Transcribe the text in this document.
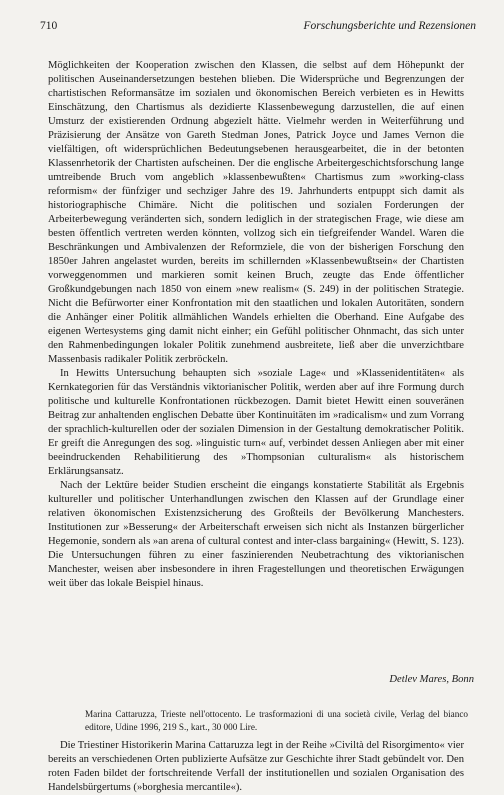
710	Forschungsberichte und Rezensionen

Möglichkeiten der Kooperation zwischen den Klassen, die selbst auf dem Höhepunkt der politischen Auseinandersetzungen bestehen blieben. Die Widersprüche und Begrenzungen der chartistischen Reformansätze im sozialen und ökonomischen Bereich verbieten es in Hewitts Einschätzung, den Chartismus als dezidierte Klassenbewegung darzustellen, die auf einen Umsturz der existierenden Ordnung abgezielt hätte. Vielmehr werden in Weiterführung und Präzisierung der Ansätze von Gareth Stedman Jones, Patrick Joyce und James Vernon die vielfältigen, oft widersprüchlichen Bedeutungsebenen herausgearbeitet, die in der betonten Klassenrhetorik der Chartisten aufscheinen. Der die englische Arbeitergeschichtsforschung lange umtreibende Bruch vom angeblich »klassenbewußten« Chartismus zum »working-class reformism« der fünfziger und sechziger Jahre des 19. Jahrhunderts entpuppt sich damit als historiographische Chimäre. Nicht die politischen und sozialen Forderungen der Arbeiterbewegung veränderten sich, sondern lediglich in der strategischen Frage, wie diese am besten öffentlich vertreten werden könnten, vollzog sich ein tiefgreifender Wandel. Waren die Beschränkungen und Ambivalenzen der Reformziele, die von der bisherigen Forschung den 1850er Jahren angelastet wurden, bereits im schillernden »Klassenbewußtsein« der Chartisten vorweggenommen und markieren somit keinen Bruch, zeugte das Ende öffentlicher Großkundgebungen nach 1850 von einem »new realism« (S. 249) in der politischen Strategie. Nicht die Befürworter einer Konfrontation mit den staatlichen und lokalen Autoritäten, sondern die Anhänger einer Politik allmählichen Wandels erhielten die Oberhand. Eine Aufgabe des eigenen Wertesystems ging damit nicht einher; ein Gefühl politischer Ohnmacht, das sich unter den Rahmenbedingungen lokaler Politik zunehmend ausbreitete, ließ aber die unverzichtbare Massenbasis radikaler Politik zerbröckeln.

In Hewitts Untersuchung behaupten sich »soziale Lage« und »Klassenidentitäten« als Kernkategorien für das Verständnis viktorianischer Politik, werden aber auf ihre Formung durch politische und kulturelle Konfrontationen rückbezogen. Damit bietet Hewitt einen souveränen Beitrag zur anhaltenden englischen Debatte über Kontinuitäten im »radicalism« und zum Vorrang der sprachlich-kulturellen oder der sozialen Dimension in der Gestaltung demokratischer Politik. Er greift die Anregungen des sog. »linguistic turn« auf, verbindet dessen Anliegen aber mit einer beeindruckenden Rehabilitierung des »Thompsonian culturalism« als historischem Erklärungsansatz.

Nach der Lektüre beider Studien erscheint die eingangs konstatierte Stabilität als Ergebnis kultureller und politischer Unterhandlungen zwischen den Klassen auf der Grundlage einer relativen ökonomischen Existenzsicherung des Großteils der Bevölkerung Manchesters. Institutionen zur »Besserung« der Arbeiterschaft erweisen sich nicht als Instanzen bürgerlicher Hegemonie, sondern als »an arena of cultural contest and inter-class bargaining« (Hewitt, S. 123). Die Untersuchungen führen zu einer faszinierenden Neubetrachtung des viktorianischen Manchester, weisen aber insbesondere in ihren Fragestellungen und theoretischen Erwägungen weit über das lokale Beispiel hinaus.

Detlev Mares, Bonn
Marina Cattaruzza, Trieste nell'ottocento. Le trasformazioni di una società civile, Verlag del bianco editore, Udine 1996, 219 S., kart., 30 000 Lire.
Die Triestiner Historikerin Marina Cattaruzza legt in der Reihe »Civiltà del Risorgimento« vier bereits an verschiedenen Orten publizierte Aufsätze zur Geschichte ihrer Stadt gebündelt vor. Den roten Faden bildet der fortschreitende Verfall der institutionellen und sozialen Organisation des Handelsbürgertums (»borghesia mercantile«).
